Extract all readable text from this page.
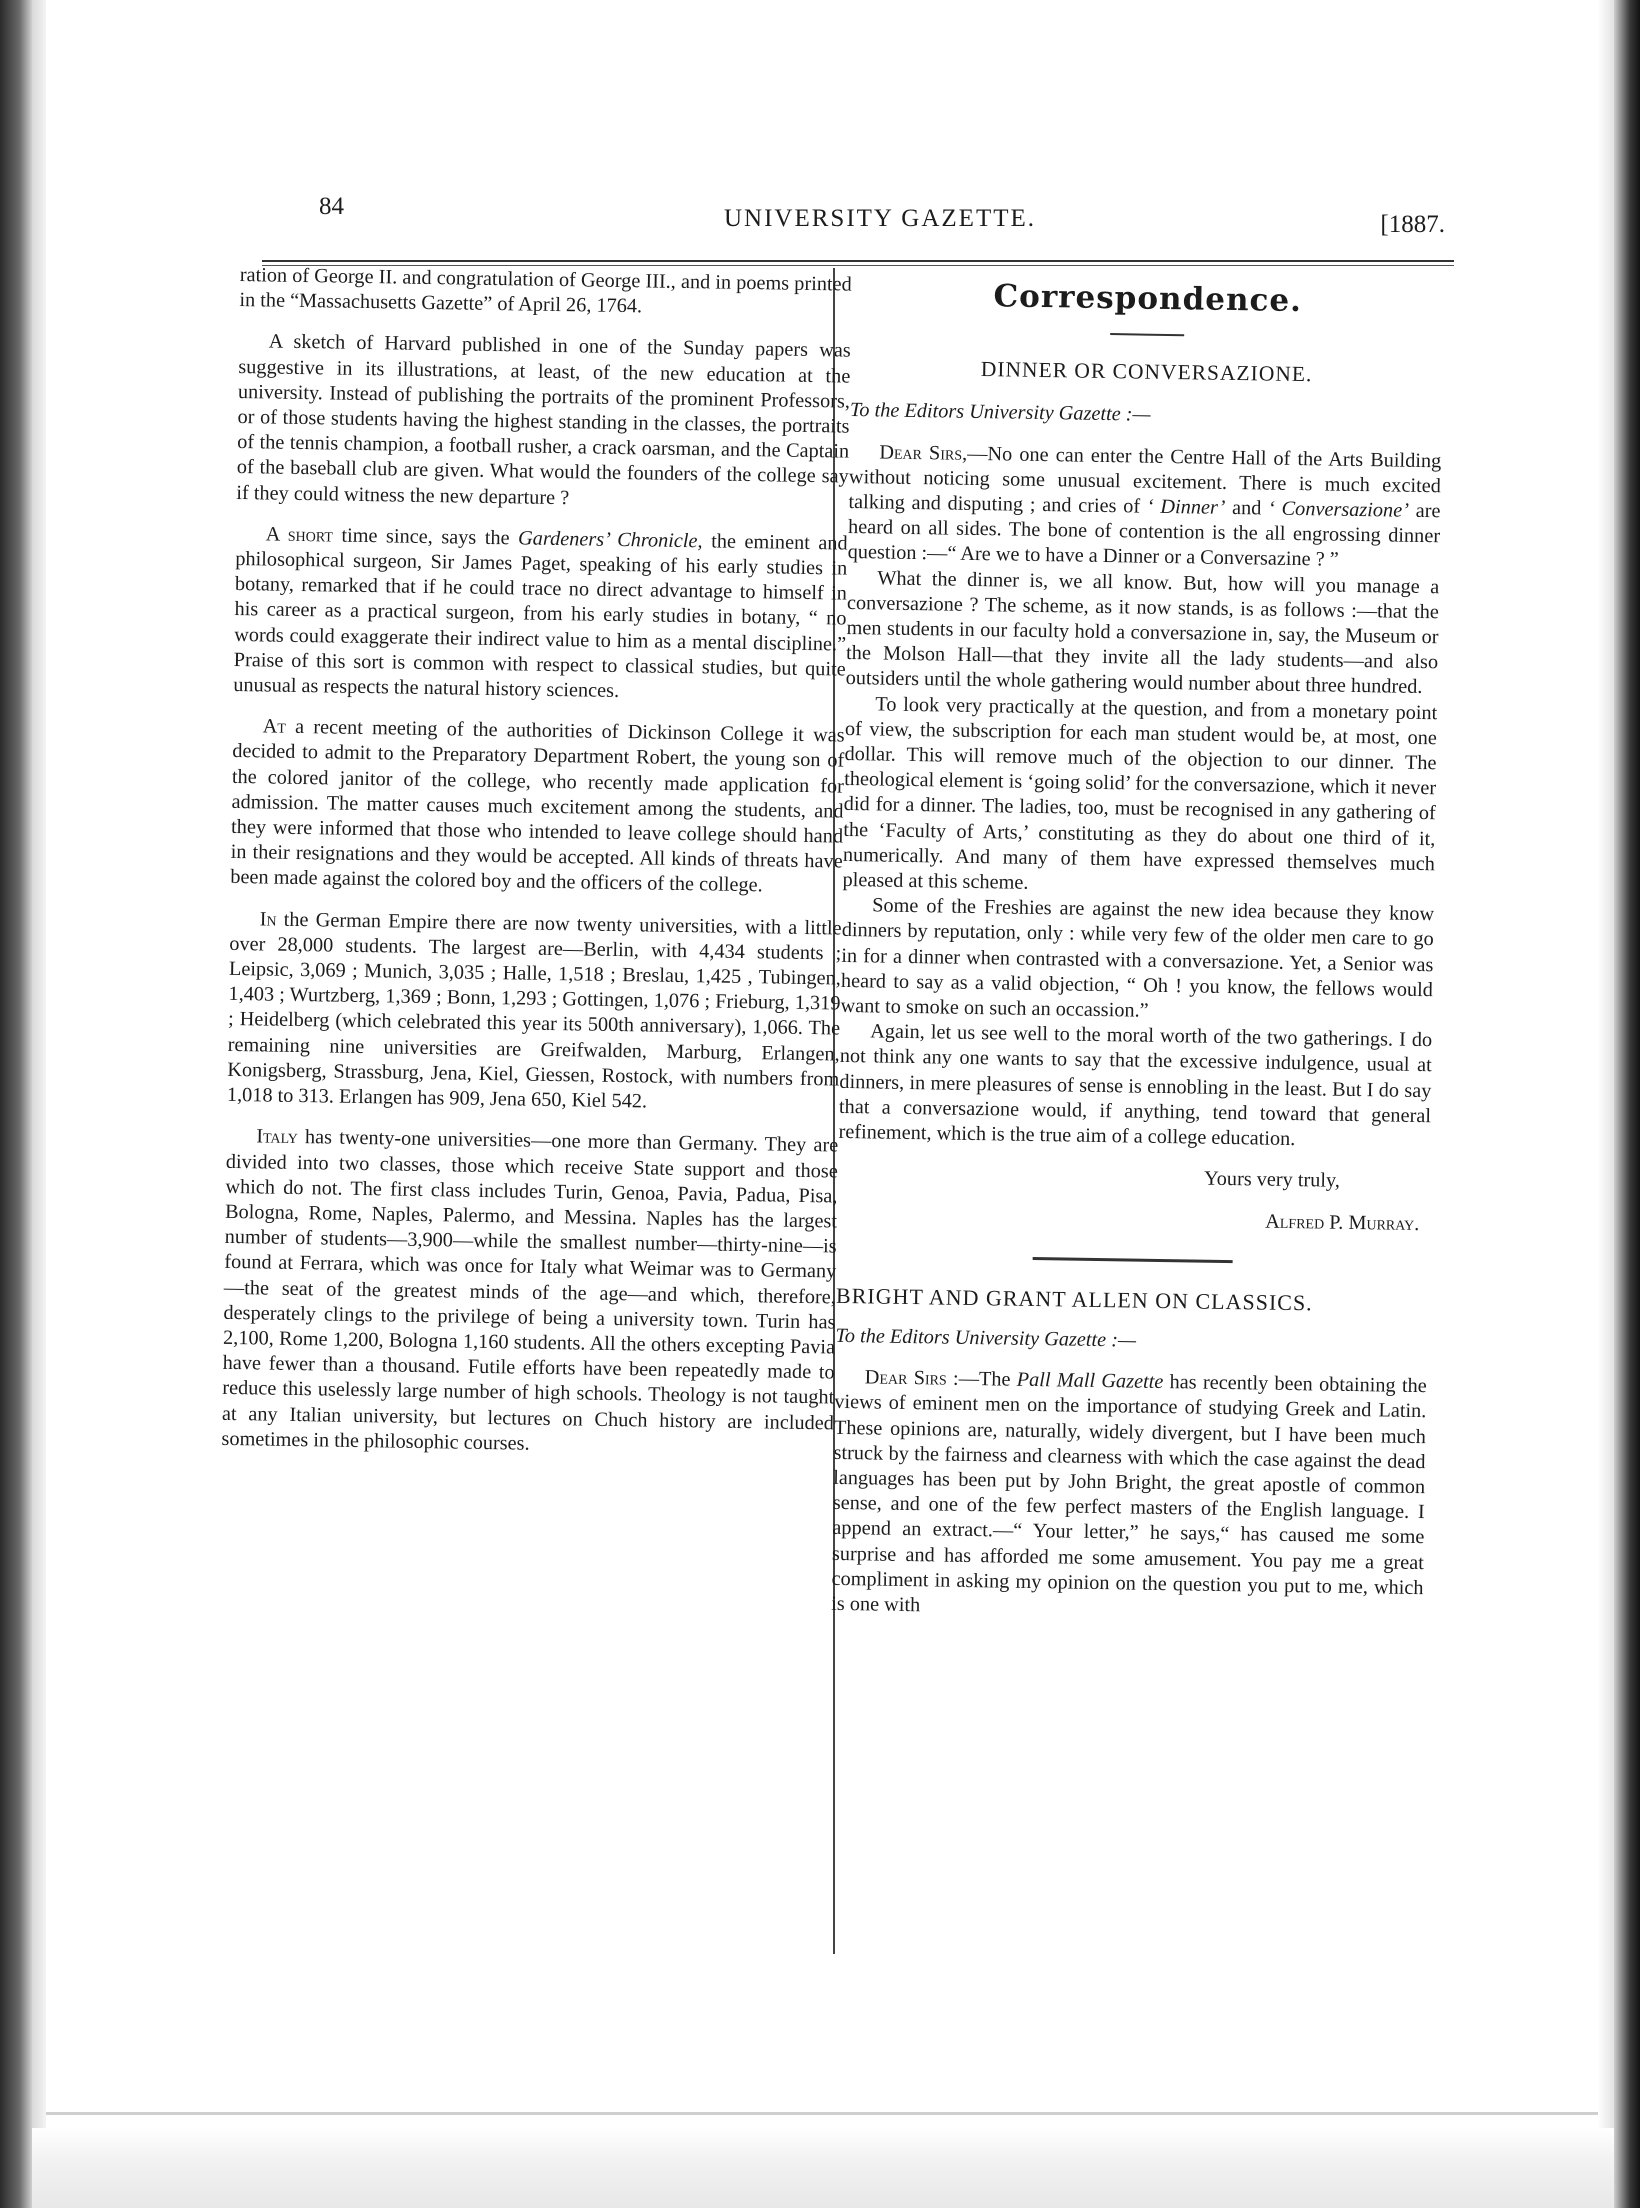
84	UNIVERSITY GAZETTE.	[1887.

ration of George II. and congratulation of George III., and in poems printed in the “Massachusetts Gazette” of April 26, 1764.

A sketch of Harvard published in one of the Sunday papers was suggestive in its illustrations, at least, of the new education at the university. Instead of publishing the portraits of the prominent Professors, or of those students having the highest standing in the classes, the portraits of the tennis champion, a football rusher, a crack oarsman, and the Captain of the baseball club are given. What would the founders of the college say if they could witness the new departure ?

A short time since, says the Gardeners’ Chronicle, the eminent and philosophical surgeon, Sir James Paget, speaking of his early studies in botany, remarked that if he could trace no direct advantage to himself in his career as a practical surgeon, from his early studies in botany, “ no words could exaggerate their indirect value to him as a mental discipline.” Praise of this sort is common with respect to classical studies, but quite unusual as respects the natural history sciences.

At a recent meeting of the authorities of Dickinson College it was decided to admit to the Preparatory Department Robert, the young son of the colored janitor of the college, who recently made application for admission. The matter causes much excitement among the students, and they were informed that those who intended to leave college should hand in their resignations and they would be accepted. All kinds of threats have been made against the colored boy and the officers of the college.

In the German Empire there are now twenty universities, with a little over 28,000 students. The largest are—Berlin, with 4,434 students ; Leipsic, 3,069 ; Munich, 3,035 ; Halle, 1,518 ; Breslau, 1,425 , Tubingen, 1,403 ; Wurtzberg, 1,369 ; Bonn, 1,293 ; Gottingen, 1,076 ; Frieburg, 1,319 ; Heidelberg (which celebrated this year its 500th anniversary), 1,066. The remaining nine universities are Greifwalden, Marburg, Erlangen, Konigsberg, Strassburg, Jena, Kiel, Giessen, Rostock, with numbers from 1,018 to 313. Erlangen has 909, Jena 650, Kiel 542.

Italy has twenty-one universities—one more than Germany. They are divided into two classes, those which receive State support and those which do not. The first class includes Turin, Genoa, Pavia, Padua, Pisa, Bologna, Rome, Naples, Palermo, and Messina. Naples has the largest number of students—3,900—while the smallest number—thirty-nine—is found at Ferrara, which was once for Italy what Weimar was to Germany—the seat of the greatest minds of the age—and which, therefore, desperately clings to the privilege of being a university town. Turin has 2,100, Rome 1,200, Bologna 1,160 students. All the others excepting Pavia have fewer than a thousand. Futile efforts have been repeatedly made to reduce this uselessly large number of high schools. Theology is not taught at any Italian university, but lectures on Chuch history are included sometimes in the philosophic courses.

Correspondence.
DINNER OR CONVERSAZIONE.

To the Editors University Gazette :—

Dear Sirs,—No one can enter the Centre Hall of the Arts Building without noticing some unusual excitement. There is much excited talking and disputing ; and cries of ‘ Dinner’ and ‘ Conversazione’ are heard on all sides. The bone of contention is the all engrossing dinner question :—“ Are we to have a Dinner or a Conversazine ? ”

What the dinner is, we all know. But, how will you manage a conversazione ? The scheme, as it now stands, is as follows :—that the men students in our faculty hold a conversazione in, say, the Museum or the Molson Hall—that they invite all the lady students—and also outsiders until the whole gathering would number about three hundred.

To look very practically at the question, and from a monetary point of view, the subscription for each man student would be, at most, one dollar. This will remove much of the objection to our dinner. The theological element is ‘going solid’ for the conversazione, which it never did for a dinner. The ladies, too, must be recognised in any gathering of the ‘Faculty of Arts,’ constituting as they do about one third of it, numerically. And many of them have expressed themselves much pleased at this scheme.

Some of the Freshies are against the new idea because they know dinners by reputation, only : while very few of the older men care to go in for a dinner when contrasted with a conversazione. Yet, a Senior was heard to say as a valid objection, “ Oh ! you know, the fellows would want to smoke on such an occassion.”

Again, let us see well to the moral worth of the two gatherings. I do not think any one wants to say that the excessive indulgence, usual at dinners, in mere pleasures of sense is ennobling in the least. But I do say that a conversazione would, if anything, tend toward that general refinement, which is the true aim of a college education.

Yours very truly,

Alfred P. Murray.

BRIGHT AND GRANT ALLEN ON CLASSICS.

To the Editors University Gazette :—

Dear Sirs :—The Pall Mall Gazette has recently been obtaining the views of eminent men on the importance of studying Greek and Latin. These opinions are, naturally, widely divergent, but I have been much struck by the fairness and clearness with which the case against the dead languages has been put by John Bright, the great apostle of common sense, and one of the few perfect masters of the English language. I append an extract.—“ Your letter,” he says,“ has caused me some surprise and has afforded me some amusement. You pay me a great compliment in asking my opinion on the question you put to me, which is one with
